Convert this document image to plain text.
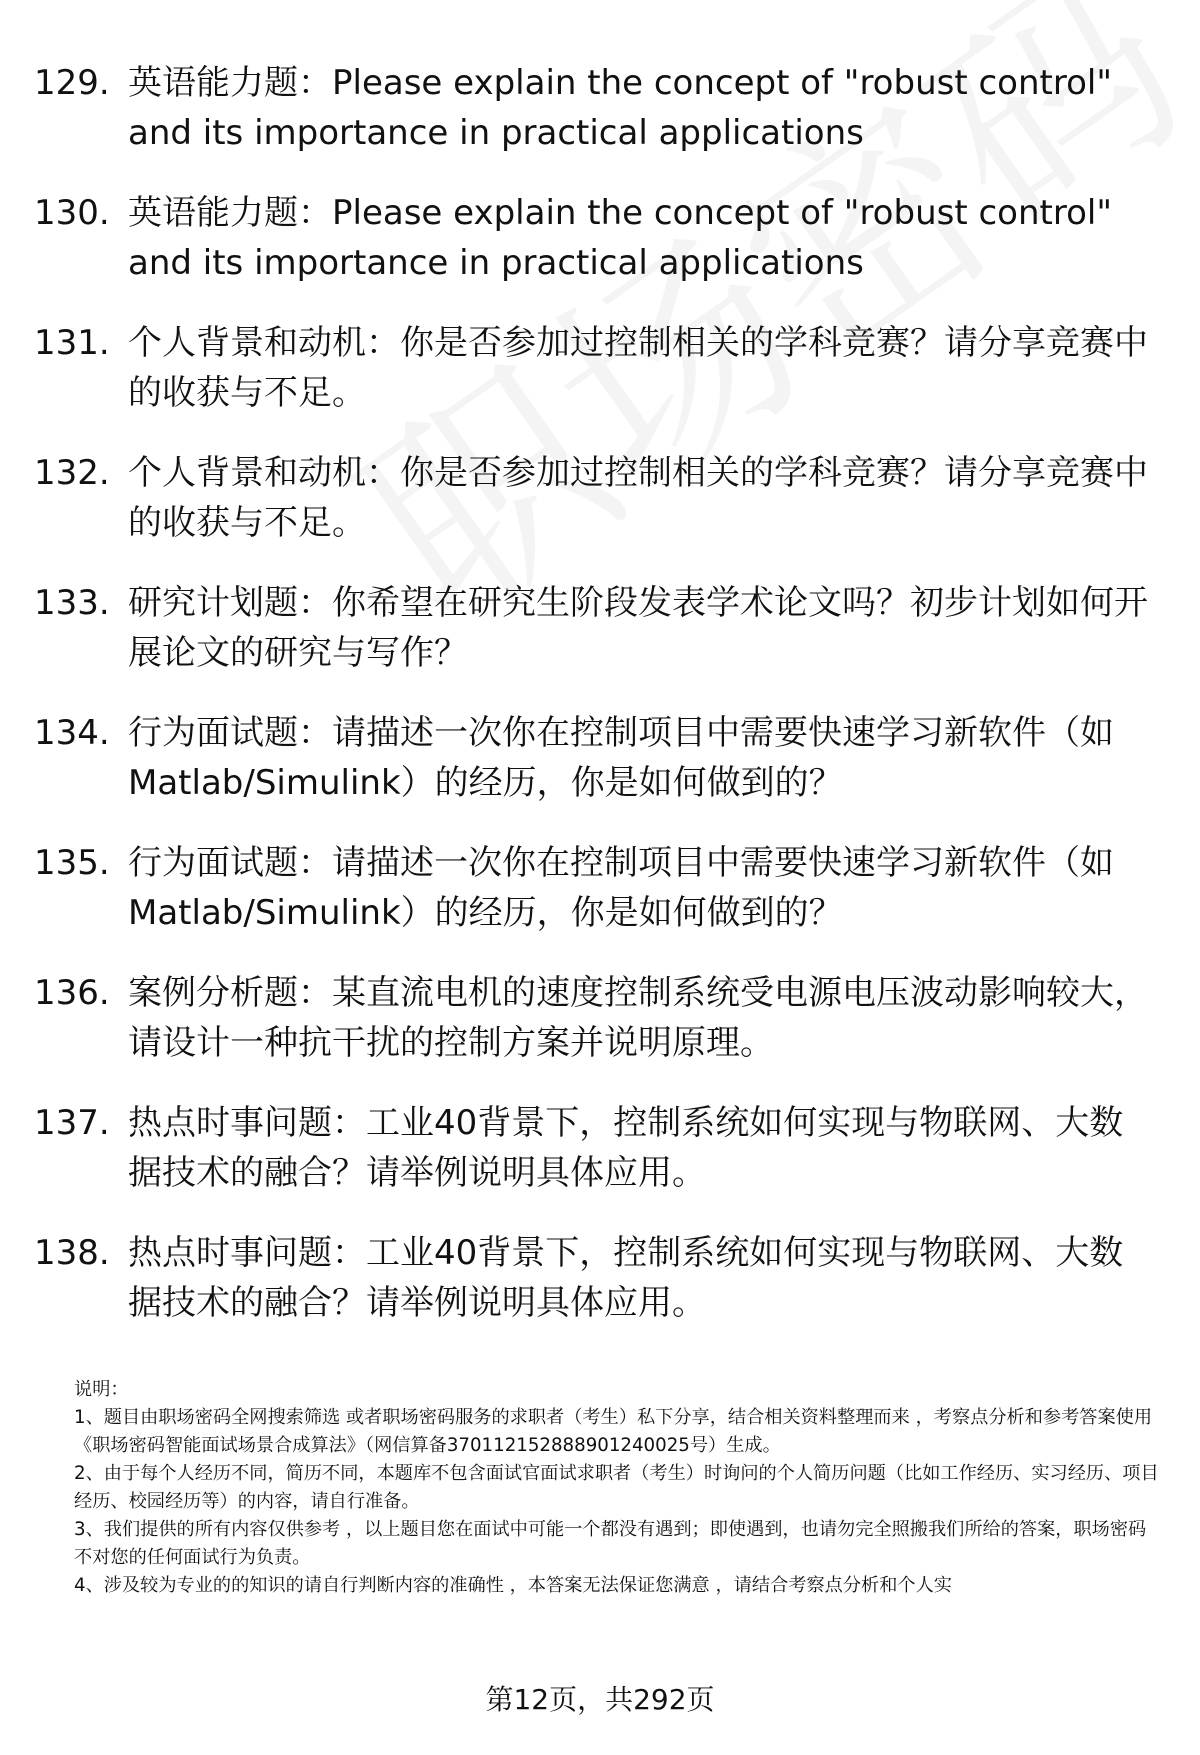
129. 英语能力题：Please explain the concept of "robust control" and its importance in practical applications
130. 英语能力题：Please explain the concept of "robust control" and its importance in practical applications
131. 个人背景和动机：你是否参加过控制相关的学科竞赛？请分享竞赛中的收获与不足。
132. 个人背景和动机：你是否参加过控制相关的学科竞赛？请分享竞赛中的收获与不足。
133. 研究计划题：你希望在研究生阶段发表学术论文吗？初步计划如何开展论文的研究与写作？
134. 行为面试题：请描述一次你在控制项目中需要快速学习新软件（如Matlab/Simulink）的经历，你是如何做到的？
135. 行为面试题：请描述一次你在控制项目中需要快速学习新软件（如Matlab/Simulink）的经历，你是如何做到的？
136. 案例分析题：某直流电机的速度控制系统受电源电压波动影响较大，请设计一种抗干扰的控制方案并说明原理。
137. 热点时事问题：工业40背景下，控制系统如何实现与物联网、大数据技术的融合？请举例说明具体应用。
138. 热点时事问题：工业40背景下，控制系统如何实现与物联网、大数据技术的融合？请举例说明具体应用。

说明：

1、题目由职场密码全网搜索筛选 或者职场密码服务的求职者（考生）私下分享，结合相关资料整理而来 ，考察点分析和参考答案使用《职场密码智能面试场景合成算法》（网信算备370112152888901240025号）生成。

2、由于每个人经历不同，简历不同，本题库不包含面试官面试求职者（考生）时询问的个人简历问题（比如工作经历、实习经历、项目经历、校园经历等）的内容，请自行准备。

3、我们提供的所有内容仅供参考 ，以上题目您在面试中可能一个都没有遇到；即使遇到，也请勿完全照搬我们所给的答案，职场密码不对您的任何面试行为负责。

4、涉及较为专业的的知识的请自行判断内容的准确性 ，本答案无法保证您满意 ，请结合考察点分析和个人实

第12页，共292页
